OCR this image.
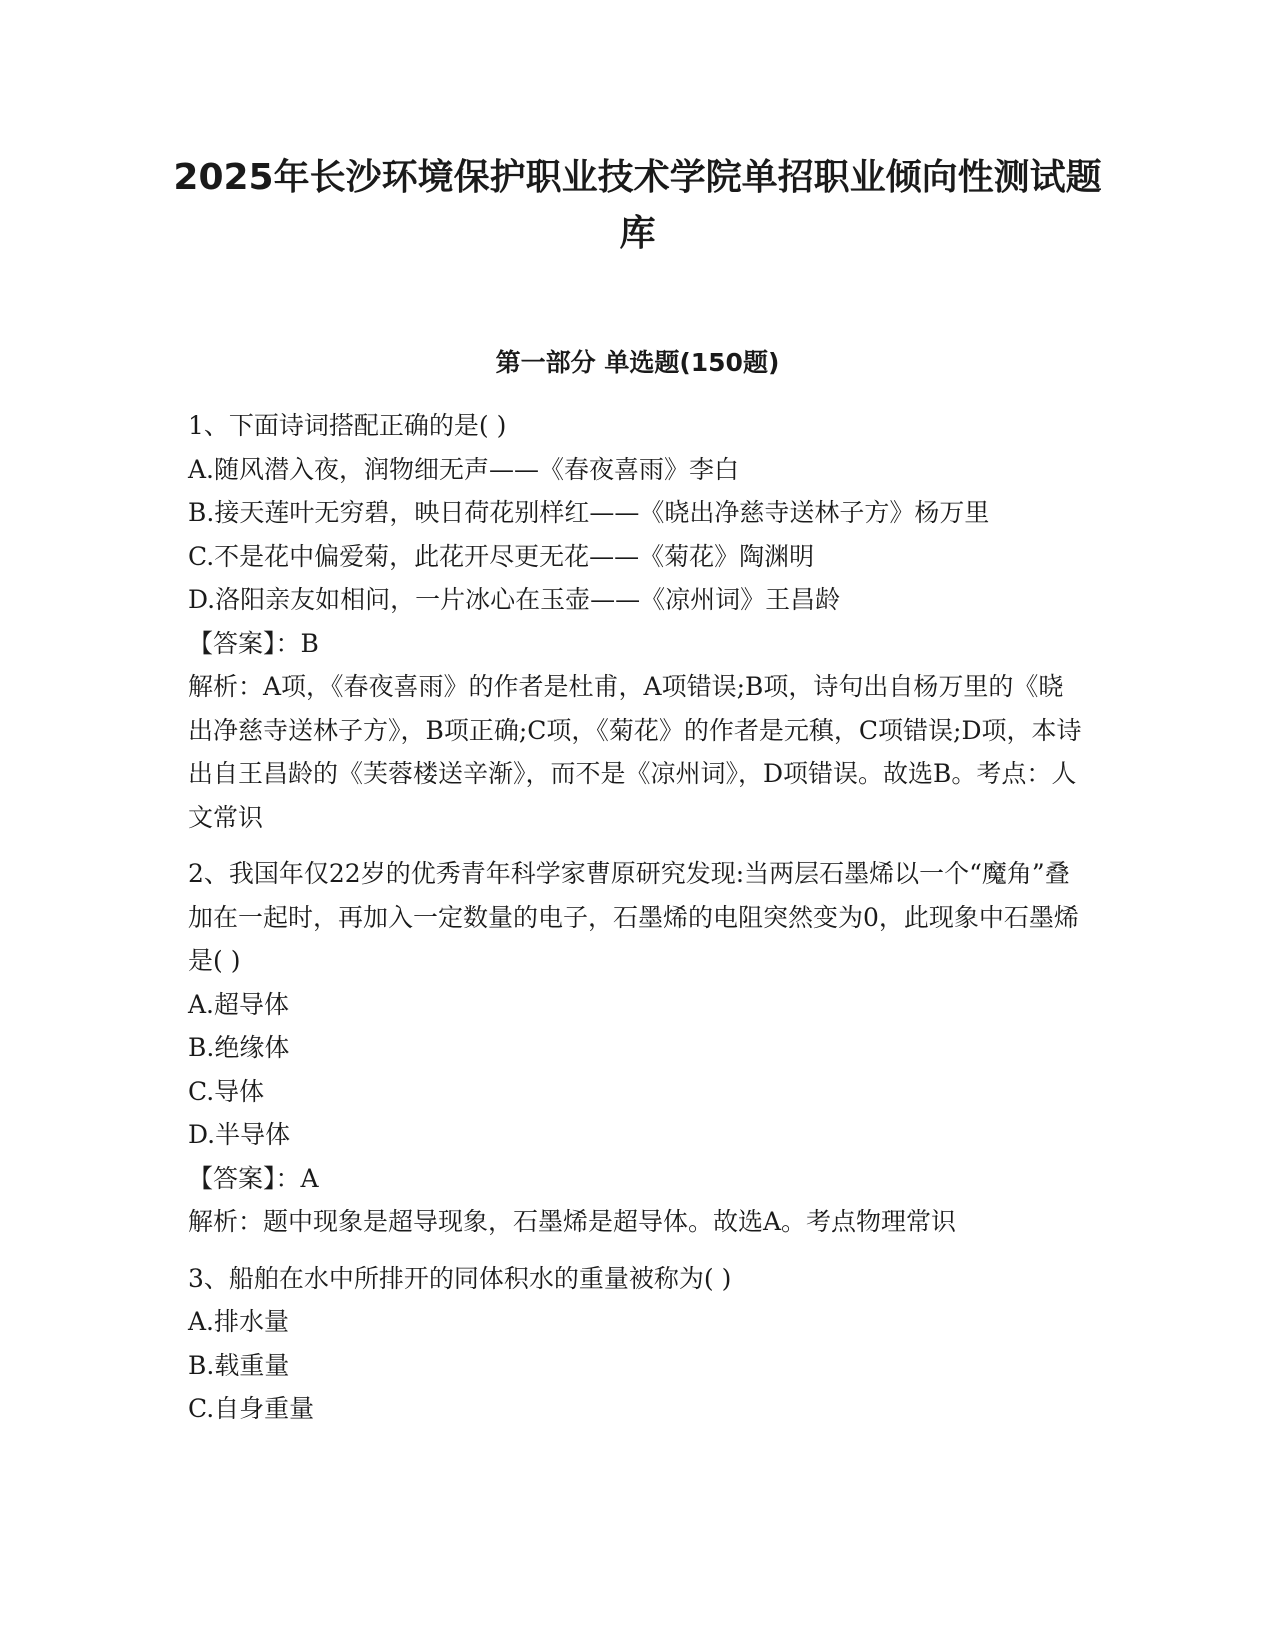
2025年长沙环境保护职业技术学院单招职业倾向性测试题库
第一部分 单选题(150题)

1、下面诗词搭配正确的是( )

A.随风潜入夜，润物细无声——《春夜喜雨》李白

B.接天莲叶无穷碧，映日荷花别样红——《晓出净慈寺送林子方》杨万里

C.不是花中偏爱菊，此花开尽更无花——《菊花》陶渊明

D.洛阳亲友如相问，一片冰心在玉壶——《凉州词》王昌龄

【答案】：B

解析：A项，《春夜喜雨》的作者是杜甫，A项错误;B项，诗句出自杨万里的《晓出净慈寺送林子方》，B项正确;C项，《菊花》的作者是元稹，C项错误;D项，本诗出自王昌龄的《芙蓉楼送辛渐》，而不是《凉州词》，D项错误。故选B。考点：人文常识

2、我国年仅22岁的优秀青年科学家曹原研究发现:当两层石墨烯以一个“魔角”叠加在一起时，再加入一定数量的电子，石墨烯的电阻突然变为0，此现象中石墨烯是( )

A.超导体

B.绝缘体

C.导体

D.半导体

【答案】：A

解析：题中现象是超导现象，石墨烯是超导体。故选A。考点物理常识

3、船舶在水中所排开的同体积水的重量被称为( )

A.排水量

B.载重量

C.自身重量
